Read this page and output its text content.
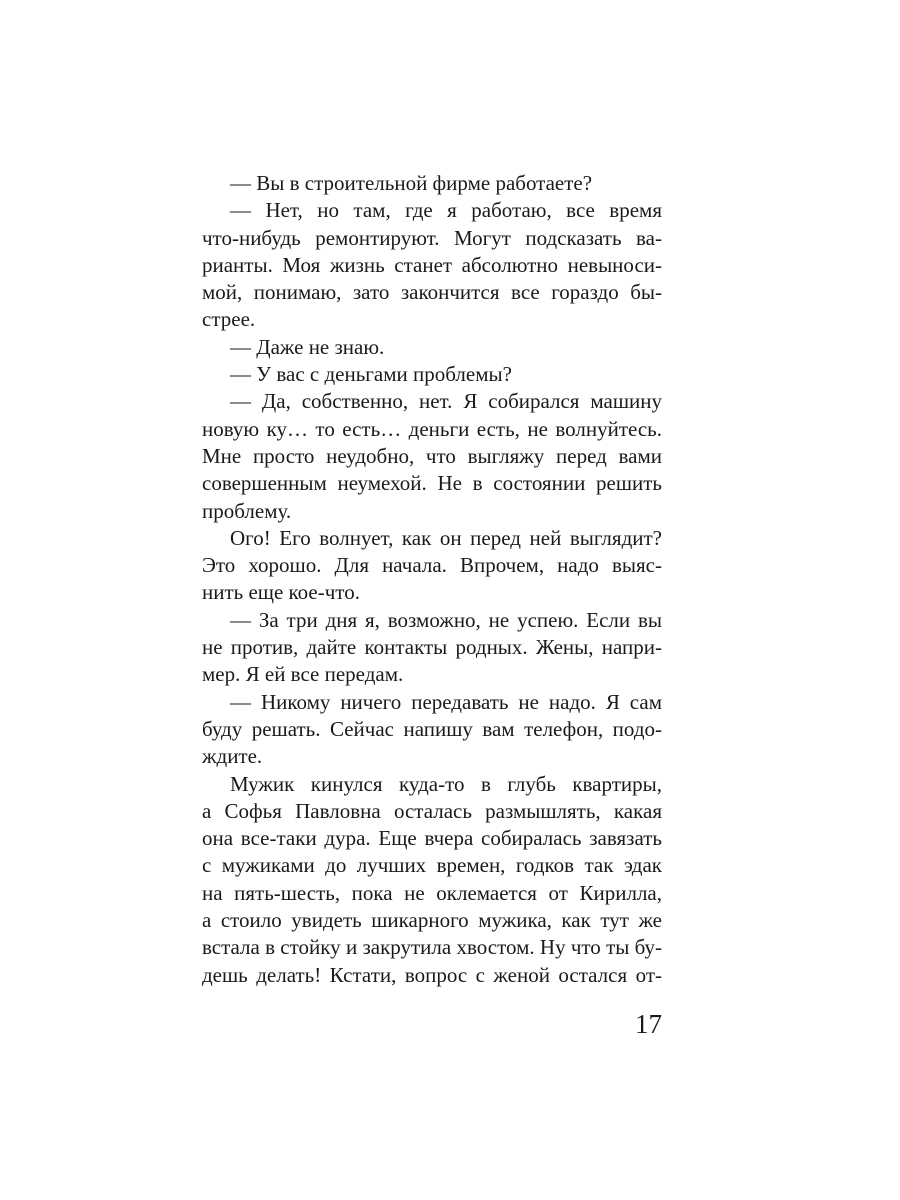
— Вы в строительной фирме работаете?
— Нет, но там, где я работаю, все время
что-нибудь ремонтируют. Могут подсказать ва-
рианты. Моя жизнь станет абсолютно невыноси-
мой, понимаю, зато закончится все гораздо бы-
стрее.
— Даже не знаю.
— У вас с деньгами проблемы?
— Да, собственно, нет. Я собирался машину
новую ку… то есть… деньги есть, не волнуйтесь.
Мне просто неудобно, что выгляжу перед вами
совершенным неумехой. Не в состоянии решить
проблему.
Ого! Его волнует, как он перед ней выглядит?
Это хорошо. Для начала. Впрочем, надо выяс-
нить еще кое-что.
— За три дня я, возможно, не успею. Если вы
не против, дайте контакты родных. Жены, напри-
мер. Я ей все передам.
— Никому ничего передавать не надо. Я сам
буду решать. Сейчас напишу вам телефон, подо-
ждите.
Мужик кинулся куда-то в глубь квартиры,
а Софья Павловна осталась размышлять, какая
она все-таки дура. Еще вчера собиралась завязать
с мужиками до лучших времен, годков так эдак
на пять-шесть, пока не оклемается от Кирилла,
а стоило увидеть шикарного мужика, как тут же
встала в стойку и закрутила хвостом. Ну что ты бу-
дешь делать! Кстати, вопрос с женой остался от-
17
